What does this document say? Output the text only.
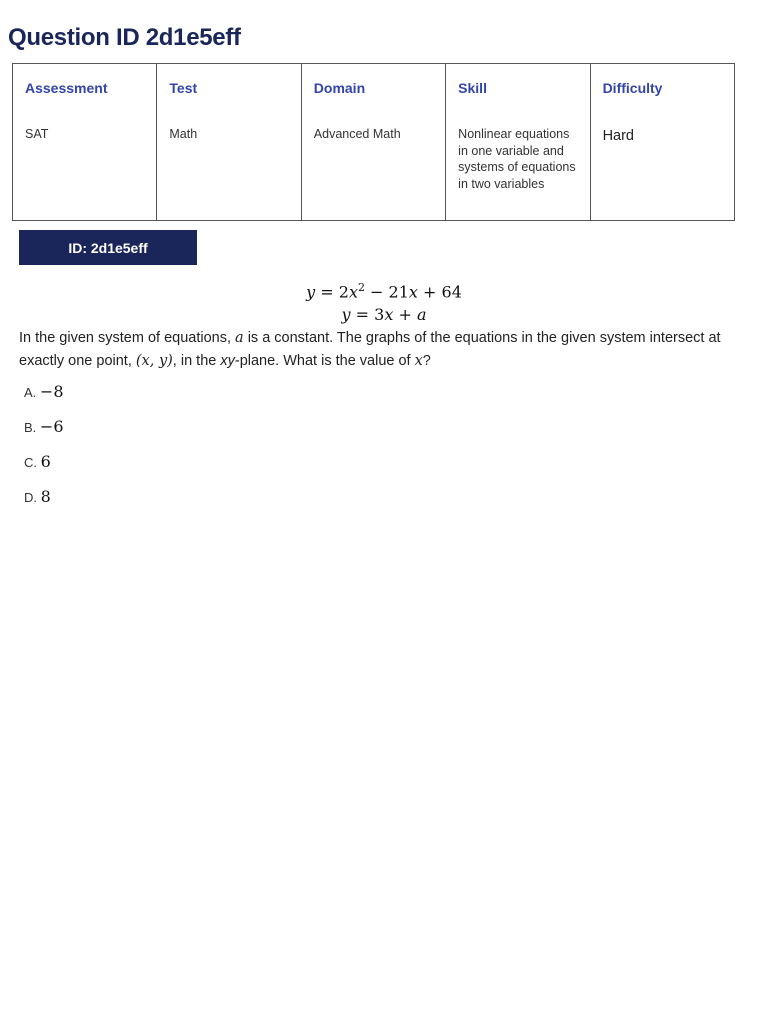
Question ID 2d1e5eff
Assessment	Test	Domain	Skill	Difficulty
SAT	Math	Advanced Math	Nonlinear equations in one variable and systems of equations in two variables	Hard
ID: 2d1e5eff
$y = 2x^2 - 21x + 64$
y = 3x + a

In the given system of equations, a is a constant. The graphs of the equations in the given system intersect at exactly one point, (x, y), in the xy-plane. What is the value of x?

A. −8
B. −6
C. 6
D. 8
